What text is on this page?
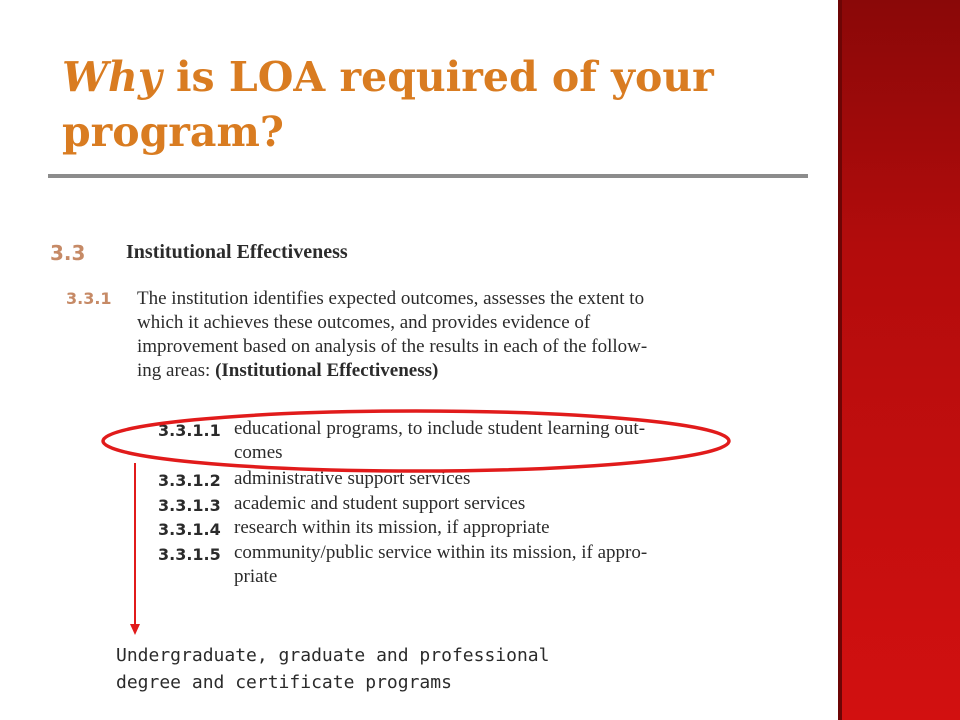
Why is LOA required of your
program?
3.3 Institutional Effectiveness
3.3.1 The institution identifies expected outcomes, assesses the extent to
which it achieves these outcomes, and provides evidence of
improvement based on analysis of the results in each of the follow-
ing areas: (Institutional Effectiveness)

3.3.1.1 educational programs, to include student learning out-
comes
3.3.1.2 administrative support services
3.3.1.3 academic and student support services
3.3.1.4 research within its mission, if appropriate
3.3.1.5 community/public service within its mission, if appro-
priate
Undergraduate, graduate and professional
degree and certificate programs
